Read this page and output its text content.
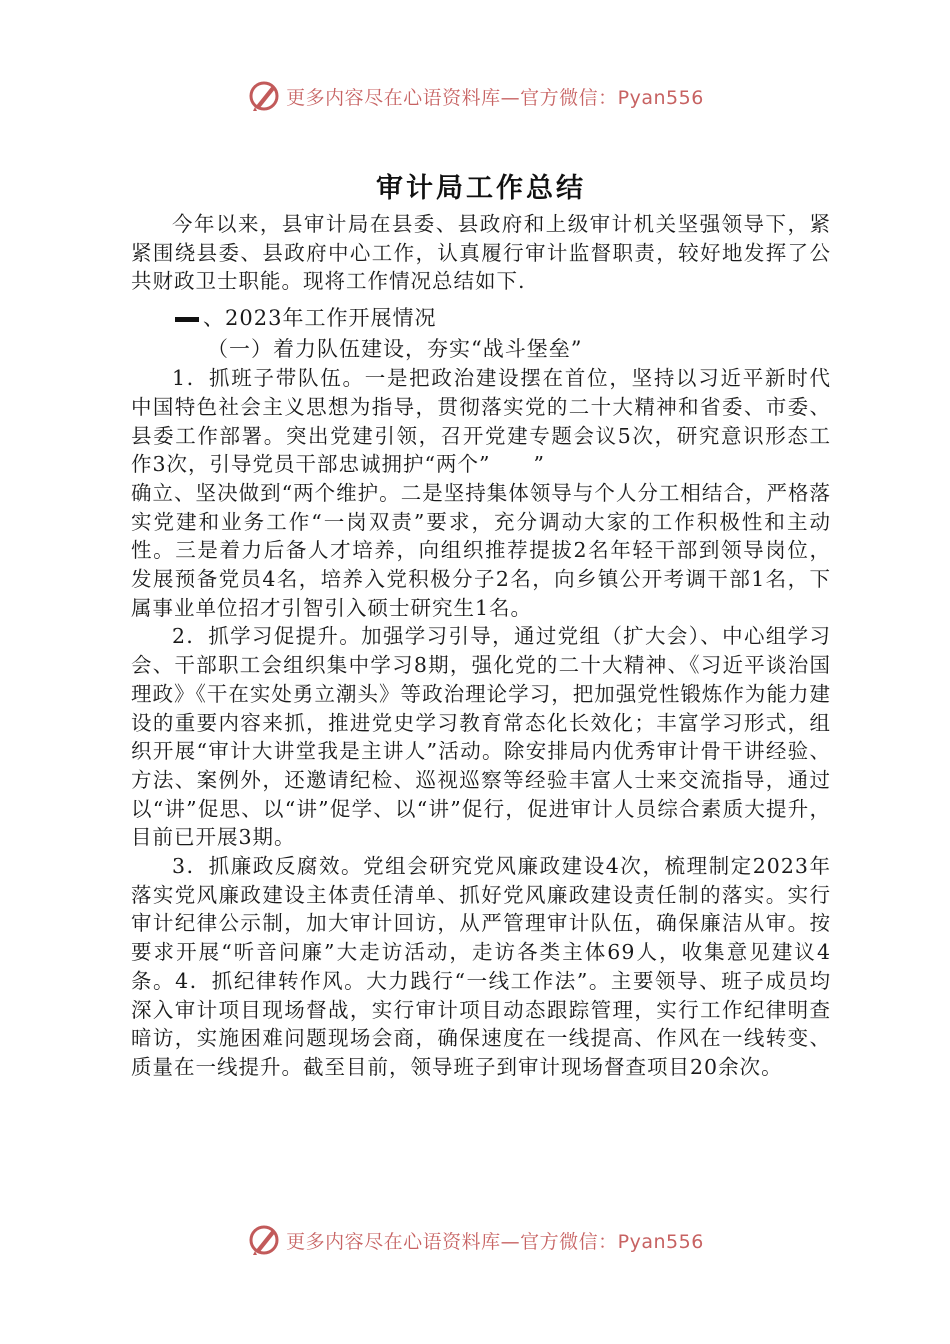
更多内容尽在心语资料库—官方微信：Pyan556
审计局工作总结

今年以来，县审计局在县委、县政府和上级审计机关坚强领导下，紧紧围绕县委、县政府中心工作，认真履行审计监督职责，较好地发挥了公共财政卫士职能。现将工作情况总结如下.

、2023年工作开展情况

（一）着力队伍建设，夯实“战斗堡垒”

1．抓班子带队伍。一是把政治建设摆在首位，坚持以习近平新时代中国特色社会主义思想为指导，贯彻落实党的二十大精神和省委、市委、县委工作部署。突出党建引领，召开党建专题会议5次，研究意识形态工作3次，引导党员干部忠诚拥护“两个”　　”

确立、坚决做到“两个维护。二是坚持集体领导与个人分工相结合，严格落实党建和业务工作“一岗双责”要求，充分调动大家的工作积极性和主动性。三是着力后备人才培养，向组织推荐提拔2名年轻干部到领导岗位，发展预备党员4名，培养入党积极分子2名，向乡镇公开考调干部1名，下属事业单位招才引智引入硕士研究生1名。

2．抓学习促提升。加强学习引导，通过党组（扩大会）、中心组学习会、干部职工会组织集中学习8期，强化党的二十大精神、《习近平谈治国理政》《干在实处勇立潮头》等政治理论学习，把加强党性锻炼作为能力建设的重要内容来抓，推进党史学习教育常态化长效化；丰富学习形式，组织开展“审计大讲堂我是主讲人”活动。除安排局内优秀审计骨干讲经验、方法、案例外，还邀请纪检、巡视巡察等经验丰富人士来交流指导，通过以“讲”促思、以“讲”促学、以“讲”促行，促进审计人员综合素质大提升，目前已开展3期。

3．抓廉政反腐效。党组会研究党风廉政建设4次，梳理制定2023年落实党风廉政建设主体责任清单、抓好党风廉政建设责任制的落实。实行审计纪律公示制，加大审计回访，从严管理审计队伍，确保廉洁从审。按要求开展“听音问廉”大走访活动，走访各类主体69人，收集意见建议4条。4．抓纪律转作风。大力践行“一线工作法”。主要领导、班子成员均深入审计项目现场督战，实行审计项目动态跟踪管理，实行工作纪律明查暗访，实施困难问题现场会商，确保速度在一线提高、作风在一线转变、质量在一线提升。截至目前，领导班子到审计现场督查项目20余次。

更多内容尽在心语资料库—官方微信：Pyan556
